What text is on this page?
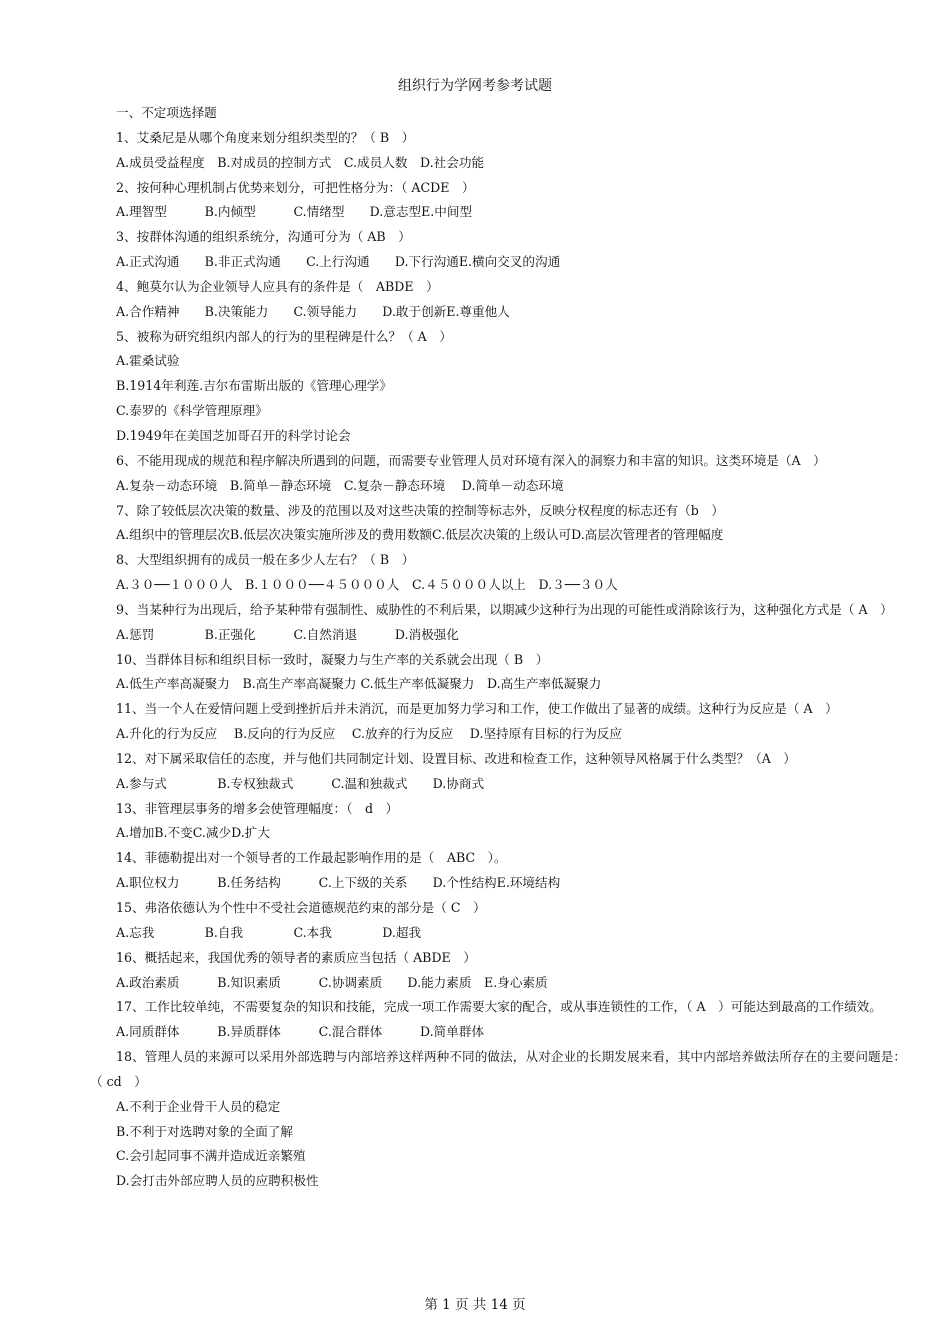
组织行为学网考参考试题
一、不定项选择题
1、艾桑尼是从哪个角度来划分组织类型的？（ B　）
A.成员受益程度　B.对成员的控制方式　C.成员人数　D.社会功能
2、按何种心理机制占优势来划分，可把性格分为：（ ACDE　）
A.理智型　　　B.内倾型　　　C.情绪型　　D.意志型E.中间型
3、按群体沟通的组织系统分，沟通可分为（ AB　）
A.正式沟通　　B.非正式沟通　　C.上行沟通　　D.下行沟通E.横向交叉的沟通
4、鲍莫尔认为企业领导人应具有的条件是（　ABDE　）
A.合作精神　　B.决策能力　　C.领导能力　　D.敢于创新E.尊重他人
5、被称为研究组织内部人的行为的里程碑是什么？（ A　）
A.霍桑试验
B.1914年利莲.吉尔布雷斯出版的《管理心理学》
C.泰罗的《科学管理原理》
D.1949年在美国芝加哥召开的科学讨论会
6、不能用现成的规范和程序解决所遇到的问题，而需要专业管理人员对环境有深入的洞察力和丰富的知识。这类环境是（A　）
A.复杂－动态环境　B.简单－静态环境　C.复杂－静态环境　 D.简单－动态环境
7、除了较低层次决策的数量、涉及的范围以及对这些决策的控制等标志外，反映分权程度的标志还有（b　）
A.组织中的管理层次B.低层次决策实施所涉及的费用数额C.低层次决策的上级认可D.高层次管理者的管理幅度
8、大型组织拥有的成员一般在多少人左右？（ B　）
A.３０──１０００人　B.１０００──４５０００人　C.４５０００人以上　D.３──３０人
9、当某种行为出现后，给予某种带有强制性、威胁性的不利后果，以期减少这种行为出现的可能性或消除该行为，这种强化方式是（ A　）
A.惩罚　　　　B.正强化　　　C.自然消退　　　D.消极强化
10、当群体目标和组织目标一致时，凝聚力与生产率的关系就会出现（ B　）
A.低生产率高凝聚力　B.高生产率高凝聚力 C.低生产率低凝聚力　D.高生产率低凝聚力
11、当一个人在爱情问题上受到挫折后并未消沉，而是更加努力学习和工作，使工作做出了显著的成绩。这种行为反应是（ A　）
A.升化的行为反应　 B.反向的行为反应　 C.放弃的行为反应　 D.坚持原有目标的行为反应
12、对下属采取信任的态度，并与他们共同制定计划、设置目标、改进和检查工作，这种领导风格属于什么类型？（A　）
A.参与式　　　　B.专权独裁式　　　C.温和独裁式　　D.协商式
13、非管理层事务的增多会使管理幅度：（　d　）
A.增加B.不变C.减少D.扩大
14、菲德勒提出对一个领导者的工作最起影响作用的是（　ABC　）。
A.职位权力　　　B.任务结构　　　C.上下级的关系　　D.个性结构E.环境结构
15、弗洛依德认为个性中不受社会道德规范约束的部分是（ C　）
A.忘我　　　　B.自我　　　　C.本我　　　　D.超我
16、概括起来，我国优秀的领导者的素质应当包括（ ABDE　）
A.政治素质　　　B.知识素质　　　C.协调素质　　D.能力素质　E.身心素质
17、工作比较单纯，不需要复杂的知识和技能，完成一项工作需要大家的配合，或从事连锁性的工作，（ A　）可能达到最高的工作绩效。
A.同质群体　　　B.异质群体　　　C.混合群体　　　D.简单群体
18、管理人员的来源可以采用外部选聘与内部培养这样两种不同的做法，从对企业的长期发展来看，其中内部培养做法所存在的主要问题是：（ cd　）
A.不利于企业骨干人员的稳定
B.不利于对选聘对象的全面了解
C.会引起同事不满并造成近亲繁殖
D.会打击外部应聘人员的应聘积极性
第 1 页 共 14 页
